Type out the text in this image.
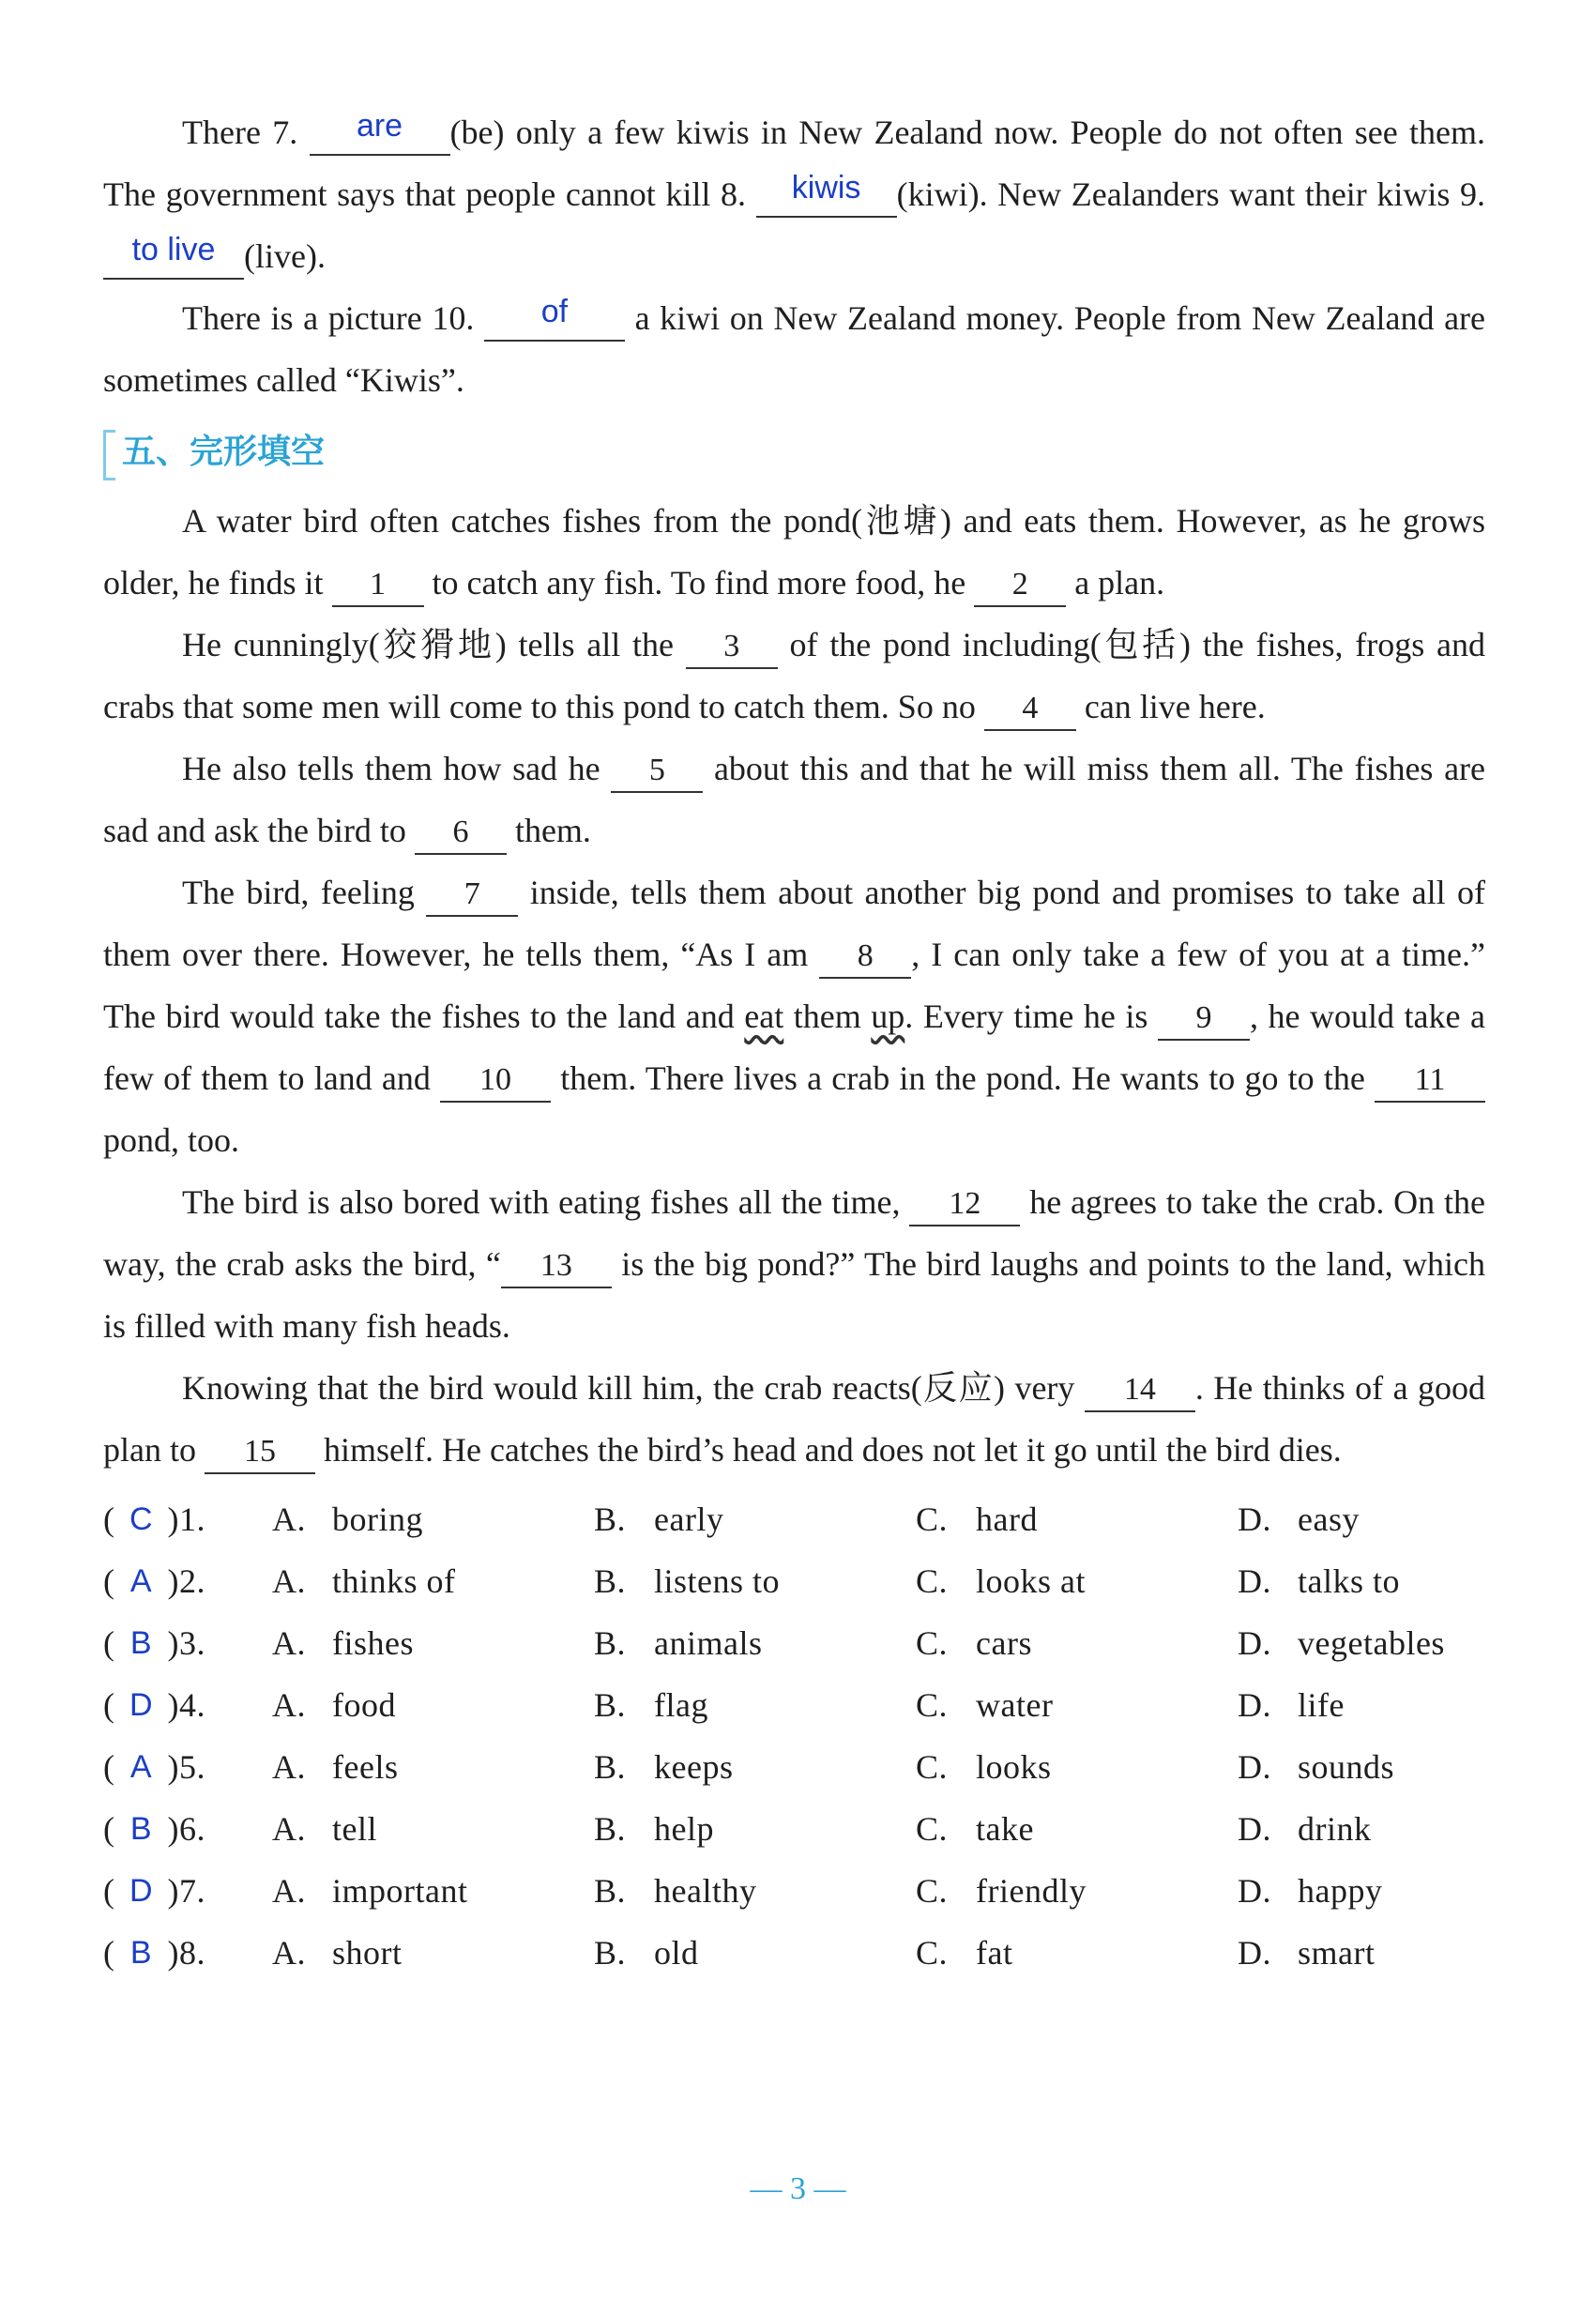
There 7. are (be) only a few kiwis in New Zealand now. People do not often see them. The government says that people cannot kill 8. kiwis (kiwi). New Zealanders want their kiwis 9. to live (live).

There is a picture 10. of a kiwi on New Zealand money. People from New Zealand are sometimes called “Kiwis”.

五、完形填空

A water bird often catches fishes from the pond(池塘) and eats them. However, as he grows older, he finds it 1 to catch any fish. To find more food, he 2 a plan.

He cunningly(狡猾地) tells all the 3 of the pond including(包括) the fishes, frogs and crabs that some men will come to this pond to catch them. So no 4 can live here.

He also tells them how sad he 5 about this and that he will miss them all. The fishes are sad and ask the bird to 6 them.

The bird, feeling 7 inside, tells them about another big pond and promises to take all of them over there. However, he tells them, “As I am 8 , I can only take a few of you at a time.” The bird would take the fishes to the land and eat them up. Every time he is 9 , he would take a few of them to land and 10 them. There lives a crab in the pond. He wants to go to the 11 pond, too.

The bird is also bored with eating fishes all the time, 12 he agrees to take the crab. On the way, the crab asks the bird, “ 13 is the big pond?” The bird laughs and points to the land, which is filled with many fish heads.

Knowing that the bird would kill him, the crab reacts(反应) very 14 . He thinks of a good plan to 15 himself. He catches the bird’s head and does not let it go until the bird dies.

( C )1. A. boring	B. early	C. hard	D. easy
( A )2. A. thinks of	B. listens to	C. looks at	D. talks to
( B )3. A. fishes	B. animals	C. cars	D. vegetables
( D )4. A. food	B. flag	C. water	D. life
( A )5. A. feels	B. keeps	C. looks	D. sounds
( B )6. A. tell	B. help	C. take	D. drink
( D )7. A. important	B. healthy	C. friendly	D. happy
( B )8. A. short	B. old	C. fat	D. smart
— 3 —
